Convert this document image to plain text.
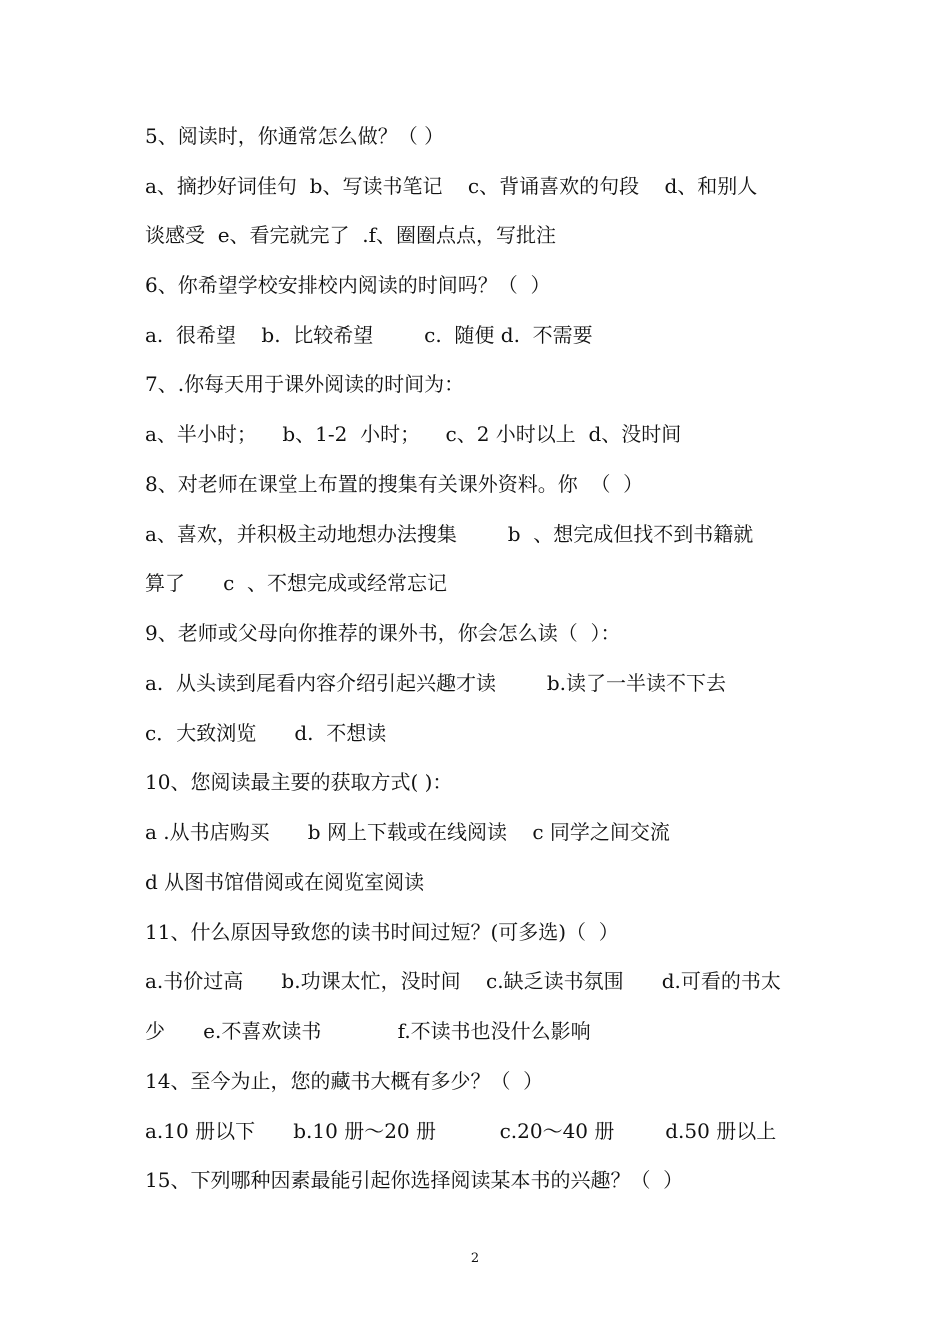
5、阅读时，你通常怎么做？（ ）
a、摘抄好词佳句  b、写读书笔记    c、背诵喜欢的句段    d、和别人
谈感受  e、看完就完了  .f、圈圈点点，写批注
6、你希望学校安排校内阅读的时间吗？（  ）
a.  很希望    b.  比较希望        c.  随便 d.  不需要
7、.你每天用于课外阅读的时间为：
a、半小时；    b、1-2  小时；    c、2 小时以上  d、没时间
8、对老师在课堂上布置的搜集有关课外资料。你  （  ）
a、喜欢，并积极主动地想办法搜集        b  、想完成但找不到书籍就
算了      c  、不想完成或经常忘记
9、老师或父母向你推荐的课外书，你会怎么读（  ）：
a.  从头读到尾看内容介绍引起兴趣才读        b.读了一半读不下去
c．大致浏览      d.  不想读
10、您阅读最主要的获取方式( )：
a .从书店购买      b 网上下载或在线阅读    c 同学之间交流
d 从图书馆借阅或在阅览室阅读
11、什么原因导致您的读书时间过短？(可多选)（  ）
a.书价过高      b.功课太忙，没时间    c.缺乏读书氛围      d.可看的书太
少      e.不喜欢读书            f.不读书也没什么影响
14、至今为止，您的藏书大概有多少？（  ）
a.10 册以下      b.10 册～20 册          c.20～40 册        d.50 册以上
15、下列哪种因素最能引起你选择阅读某本书的兴趣？（  ）
2
